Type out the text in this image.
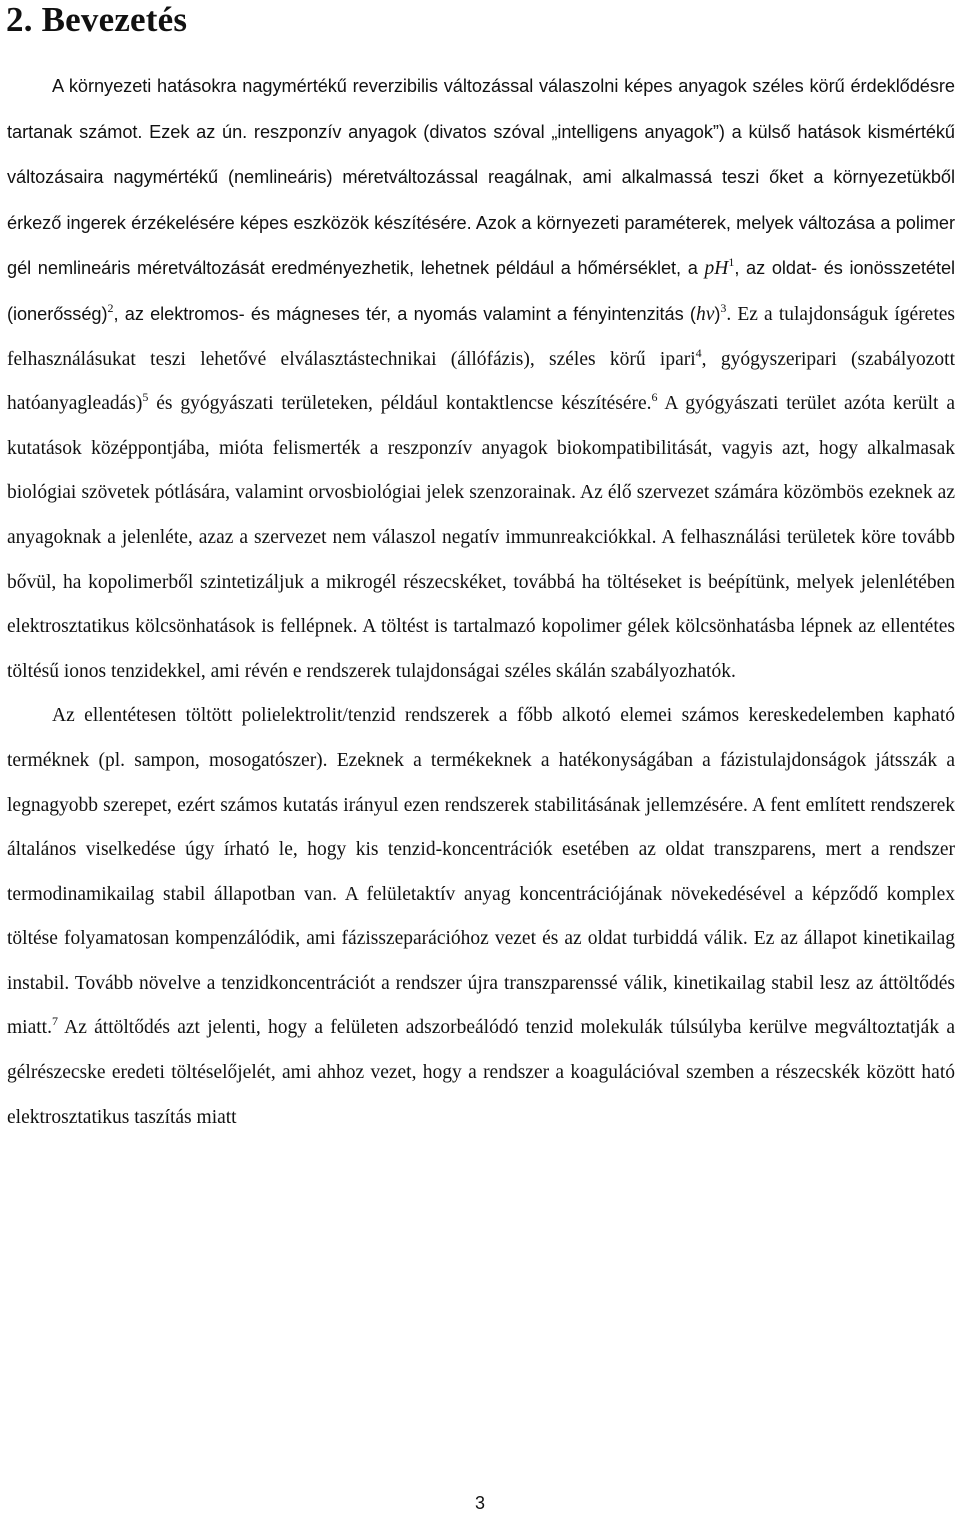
2. Bevezetés

A környezeti hatásokra nagymértékű reverzibilis változással válaszolni képes anyagok széles körű érdeklődésre tartanak számot. Ezek az ún. reszponzív anyagok (divatos szóval „intelligens anyagok”) a külső hatások kismértékű változásaira nagymértékű (nemlineáris) méretváltozással reagálnak, ami alkalmassá teszi őket a környezetükből érkező ingerek érzékelésére képes eszközök készítésére. Azok a környezeti paraméterek, melyek változása a polimer gél nemlineáris méretváltozását eredményezhetik, lehetnek például a hőmérséklet, a $pH^1$, az oldat- és ionösszetétel (ionerősség)$^2$, az elektromos- és mágneses tér, a nyomás valamint a fényintenzitás $(h\nu)^3$. Ez a tulajdonságuk ígéretes felhasználásukat teszi lehetővé elválasztástechnikai (állófázis), széles körű ipari$^4$, gyógyszeripari (szabályozott hatóanyagleadás)$^5$ és gyógyászati területeken, például kontaktlencse készítésére.$^6$ A gyógyászati terület azóta került a kutatások középpontjába, mióta felismerték a reszponzív anyagok biokompatibilitását, vagyis azt, hogy alkalmasak biológiai szövetek pótlására, valamint orvosbiológiai jelek szenzorainak. Az élő szervezet számára közömbös ezeknek az anyagoknak a jelenléte, azaz a szervezet nem válaszol negatív immunreakciókkal. A felhasználási területek köre tovább bővül, ha kopolimerből szintetizáljuk a mikrogél részecskéket, továbbá ha töltéseket is beépítünk, melyek jelenlétében elektrosztatikus kölcsönhatások is fellépnek. A töltést is tartalmazó kopolimer gélek kölcsönhatásba lépnek az ellentétes töltésű ionos tenzidekkel, ami révén e rendszerek tulajdonságai széles skálán szabályozhatók.

Az ellentétesen töltött polielektrolit/tenzid rendszerek a főbb alkotó elemei számos kereskedelemben kapható terméknek (pl. sampon, mosogatószer). Ezeknek a termékeknek a hatékonyságában a fázistulajdonságok játsszák a legnagyobb szerepet, ezért számos kutatás irányul ezen rendszerek stabilitásának jellemzésére. A fent említett rendszerek általános viselkedése úgy írható le, hogy kis tenzid-koncentrációk esetében az oldat transzparens, mert a rendszer termodinamikailag stabil állapotban van. A felületaktív anyag koncentrációjának növekedésével a képződő komplex töltése folyamatosan kompenzálódik, ami fázisszeparációhoz vezet és az oldat turbiddá válik. Ez az állapot kinetikailag instabil. Tovább növelve a tenzidkoncentrációt a rendszer újra transzparenssé válik, kinetikailag stabil lesz az áttöltődés miatt.$^7$ Az áttöltődés azt jelenti, hogy a felületen adszorbeálódó tenzid molekulák túlsúlyba kerülve megváltoztatják a gélrészecske eredeti töltéselőjelét, ami ahhoz vezet, hogy a rendszer a koagulációval szemben a részecskék között ható elektrosztatikus taszítás miatt

3
